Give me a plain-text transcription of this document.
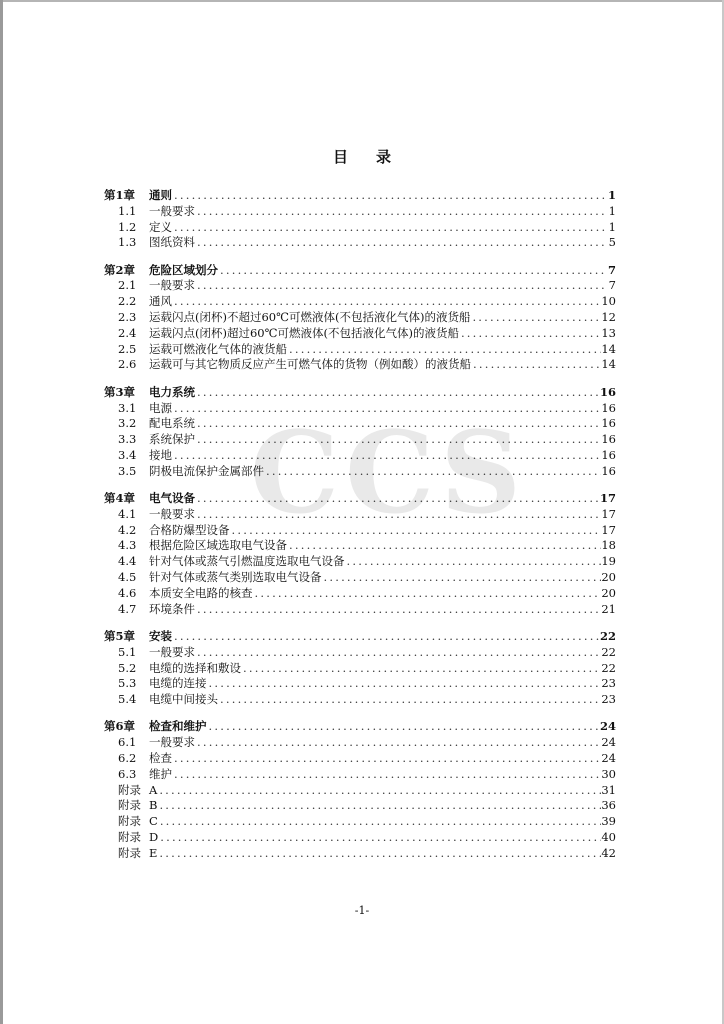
CCS
目录
第1章	通则 .....	1
1.1	一般要求 .....	1
1.2	定义 .....	1
1.3	图纸资料 .....	5
第2章	危险区域划分 .....	7
2.1	一般要求 .....	7
2.2	通风 .....	10
2.3	运载闪点(闭杯)不超过60℃可燃液体(不包括液化气体)的液货船 .....	12
2.4	运载闪点(闭杯)超过60℃可燃液体(不包括液化气体)的液货船 .....	13
2.5	运载可燃液化气体的液货船 .....	14
2.6	运载可与其它物质反应产生可燃气体的货物（例如酸）的液货船 .....	14
第3章	电力系统 .....	16
3.1	电源 .....	16
3.2	配电系统 .....	16
3.3	系统保护 .....	16
3.4	接地 .....	16
3.5	阴极电流保护金属部件 .....	16
第4章	电气设备 .....	17
4.1	一般要求 .....	17
4.2	合格防爆型设备 .....	17
4.3	根据危险区域选取电气设备 .....	18
4.4	针对气体或蒸气引燃温度选取电气设备 .....	19
4.5	针对气体或蒸气类别选取电气设备 .....	20
4.6	本质安全电路的核查 .....	20
4.7	环境条件 .....	21
第5章	安装 .....	22
5.1	一般要求 .....	22
5.2	电缆的选择和敷设 .....	22
5.3	电缆的连接 .....	23
5.4	电缆中间接头 .....	23
第6章	检查和维护 .....	24
6.1	一般要求 .....	24
6.2	检查 .....	24
6.3	维护 .....	30
附录 A .....	31
附录 B .....	36
附录 C .....	39
附录 D .....	40
附录 E .....	42
-1-
